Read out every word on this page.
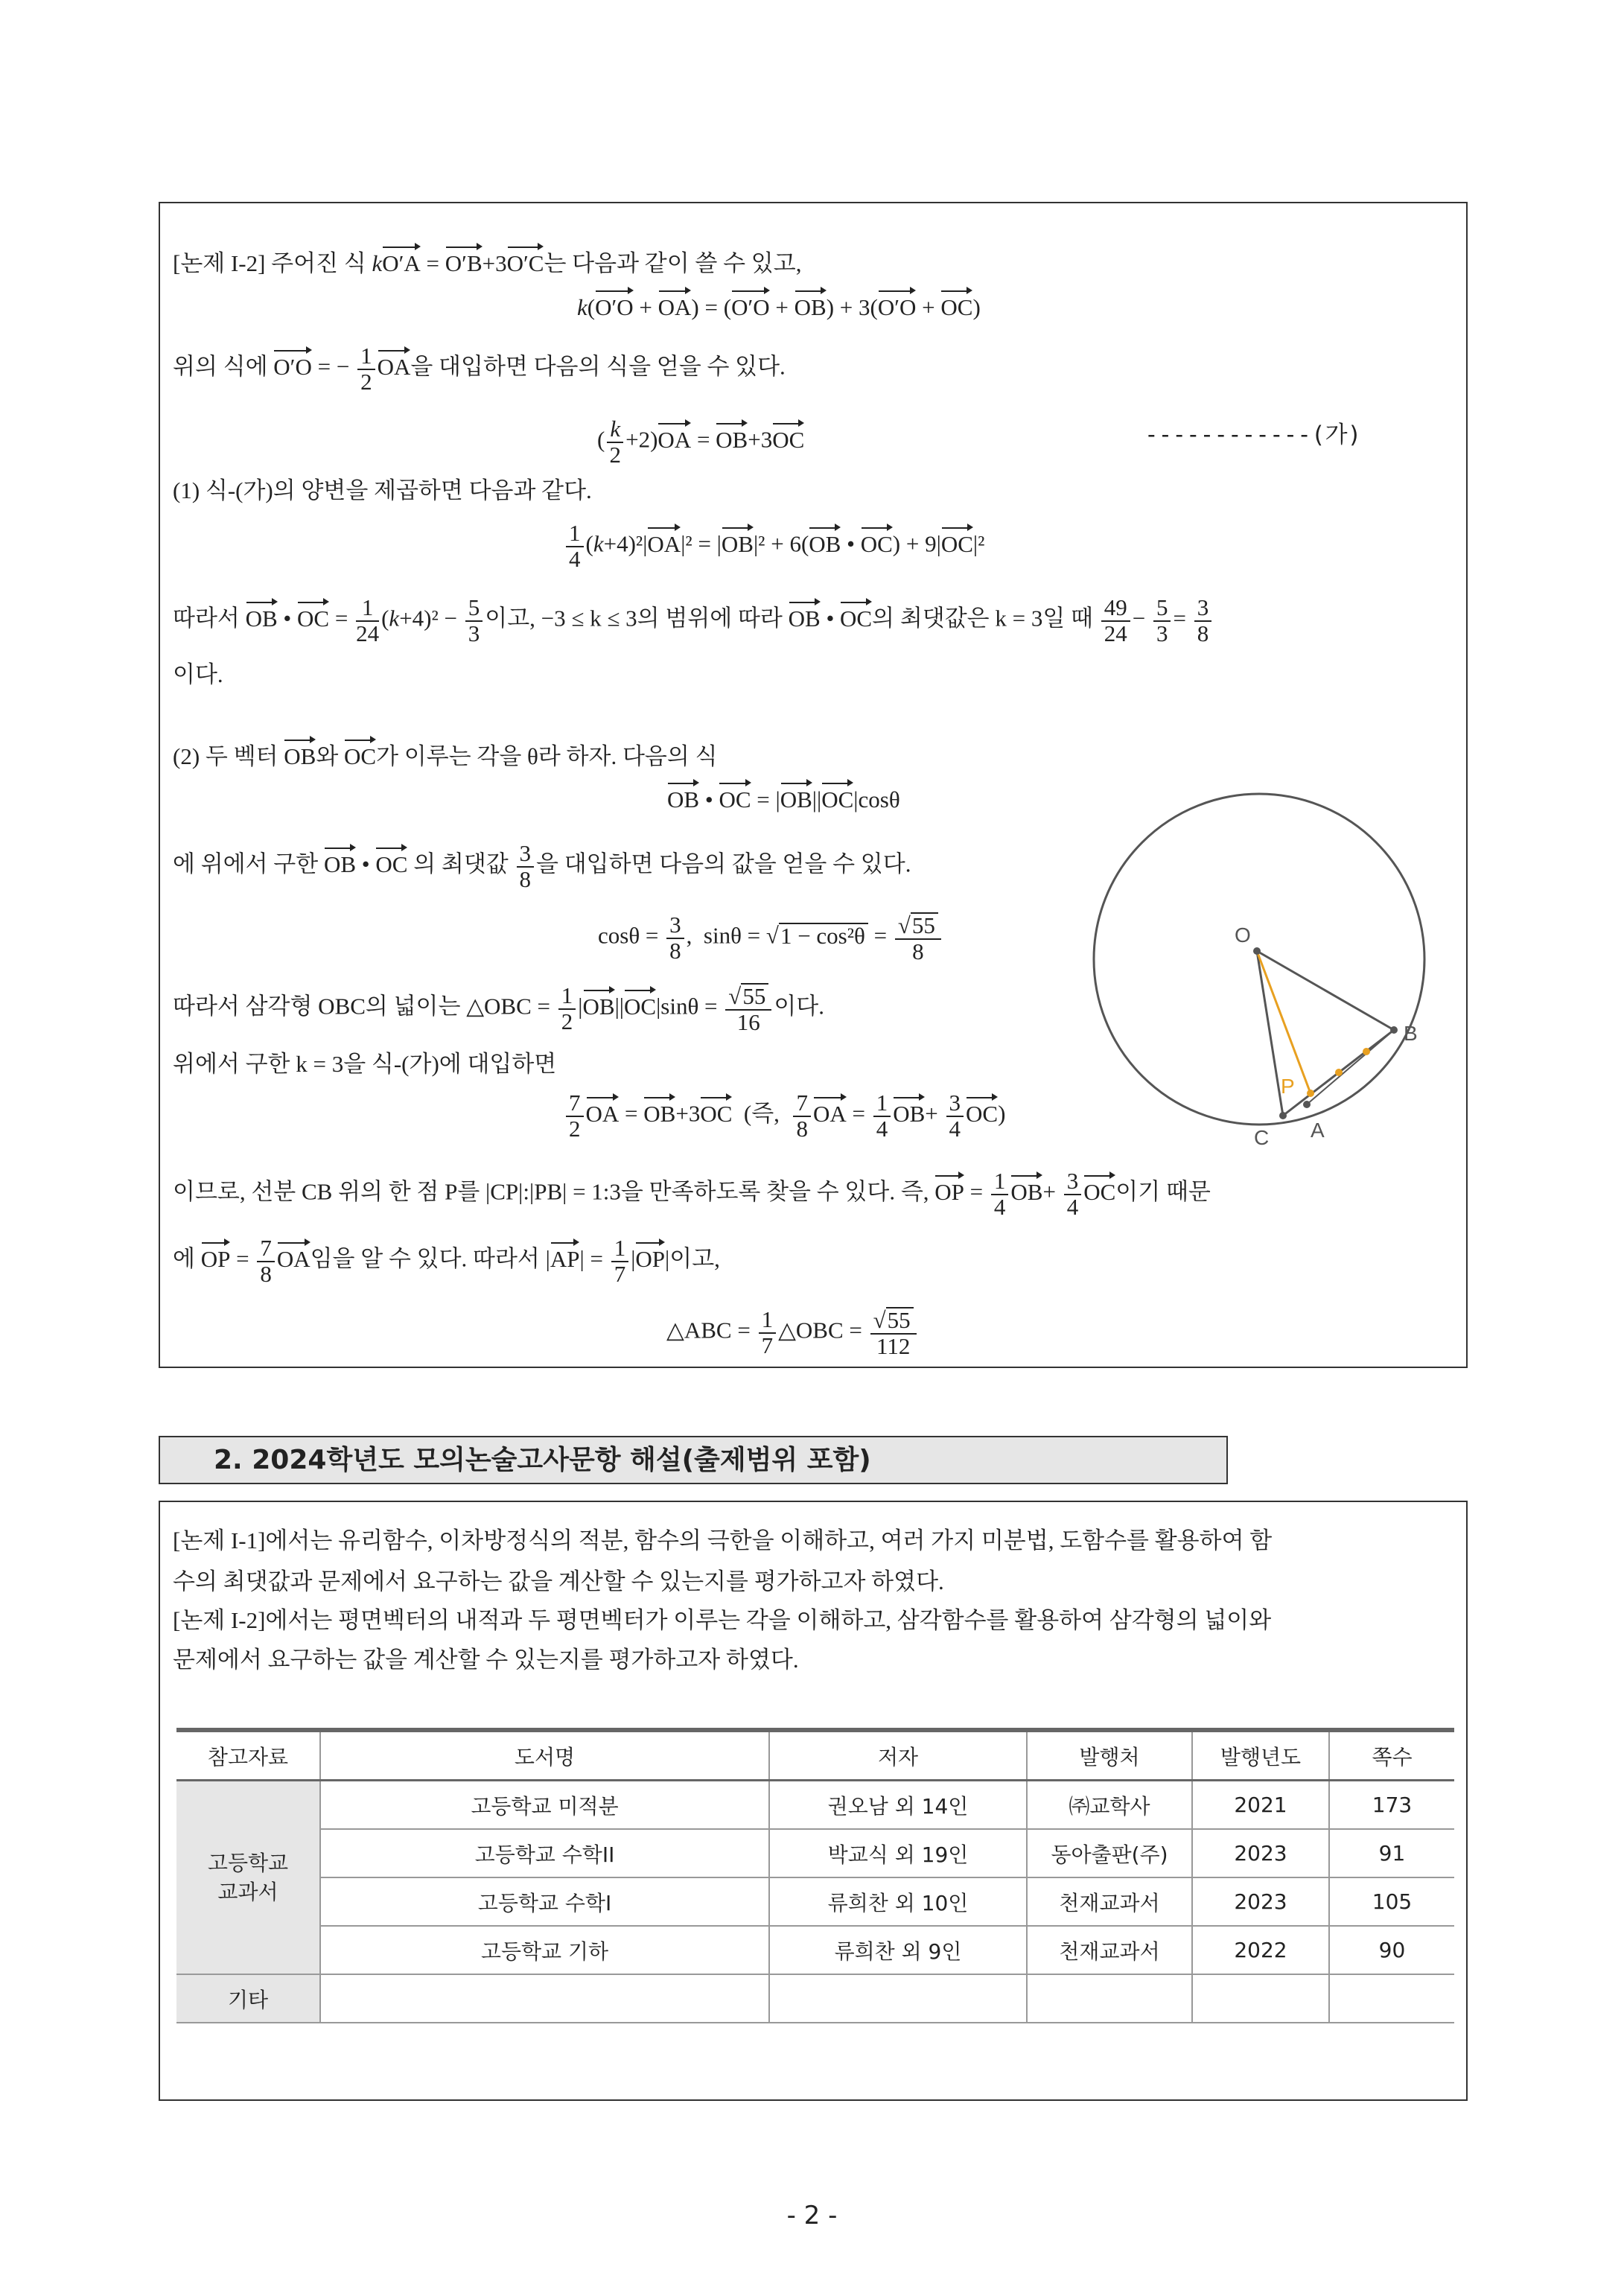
[논제 I-2] 주어진 식 kO′A = O′B+3O′C는 다음과 같이 쓸 수 있고,
k(O′O + OA) = (O′O + OB) + 3(O′O + OC)
위의 식에 O′O = − $\frac{1}{2}$ OA을 대입하면 다음의 식을 얻을 수 있다.
( $\frac{k}{2} +2)OA = OB+3OC$	------------(가)
(1) 식-(가)의 양변을 제곱하면 다음과 같다.
$\frac{1}{4} (k+4)^2|OA|^2 = |OB|^2 + 6(OB$ • OC) + 9|OC|²
따라서 OB • OC = $\frac{1}{24} (k+4)^2 - \frac{5}{3}$ 이고, −3 ≤ k ≤ 3의 범위에 따라 OB • OC의 최댓값은 k = 3일 때 $\frac{49}{24} - \frac{5}{3} = \frac{3}{8}$
이다.
(2) 두 벡터 OB와 OC가 이루는 각을 θ라 하자. 다음의 식
OB • OC = |OB||OC|cosθ
에 위에서 구한 OB • OC 의 최댓값 $\frac{3}{8}$ 을 대입하면 다음의 값을 얻을 수 있다.
$\cos\theta = \frac{3}{8}$ ,  $\sin\theta = √1 - \cos^2\theta = \frac{√55}{8}$
따라서 삼각형 OBC의 넓이는 △OBC = $\frac{1}{2} |OB||OC|\sin\theta = \frac{√55}{16}$ 이다.
위에서 구한 k = 3을 식-(가)에 대입하면
$\frac{7}{2}$ OA = OB+3OC  (즉, $\frac{7}{8}$ OA = $\frac{1}{4} OB+ \frac{3}{4} OC$)
이므로, 선분 CB 위의 한 점 P를 |CP|:|PB| = 1:3을 만족하도록 찾을 수 있다. 즉, OP = $\frac{1}{4} OB+ \frac{3}{4}$ OC이기 때문
에 OP = $\frac{7}{8}$ OA임을 알 수 있다. 따라서 $|AP| = \frac{1}{7} |OP|$이고,
△ABC = $\frac{1}{7}$ △OBC = $\frac{√55}{112}$
O
B
C A
P
2. 2024학년도 모의논술고사문항 해설(출제범위 포함)
[논제 I-1]에서는 유리함수, 이차방정식의 적분, 함수의 극한을 이해하고, 여러 가지 미분법, 도함수를 활용하여 함
수의 최댓값과 문제에서 요구하는 값을 계산할 수 있는지를 평가하고자 하였다.
[논제 I-2]에서는 평면벡터의 내적과 두 평면벡터가 이루는 각을 이해하고, 삼각함수를 활용하여 삼각형의 넓이와
문제에서 요구하는 값을 계산할 수 있는지를 평가하고자 하였다.
참고자료	도서명	저자	발행처	발행년도	쪽수
고등학교 교과서	고등학교 미적분	권오남 외 14인	㈜교학사	2021	173
	고등학교 수학II	박교식 외 19인	동아출판(주)	2023	91
	고등학교 수학I	류희찬 외 10인	천재교과서	2023	105
	고등학교 기하	류희찬 외 9인	천재교과서	2022	90
기타					
- 2 -
